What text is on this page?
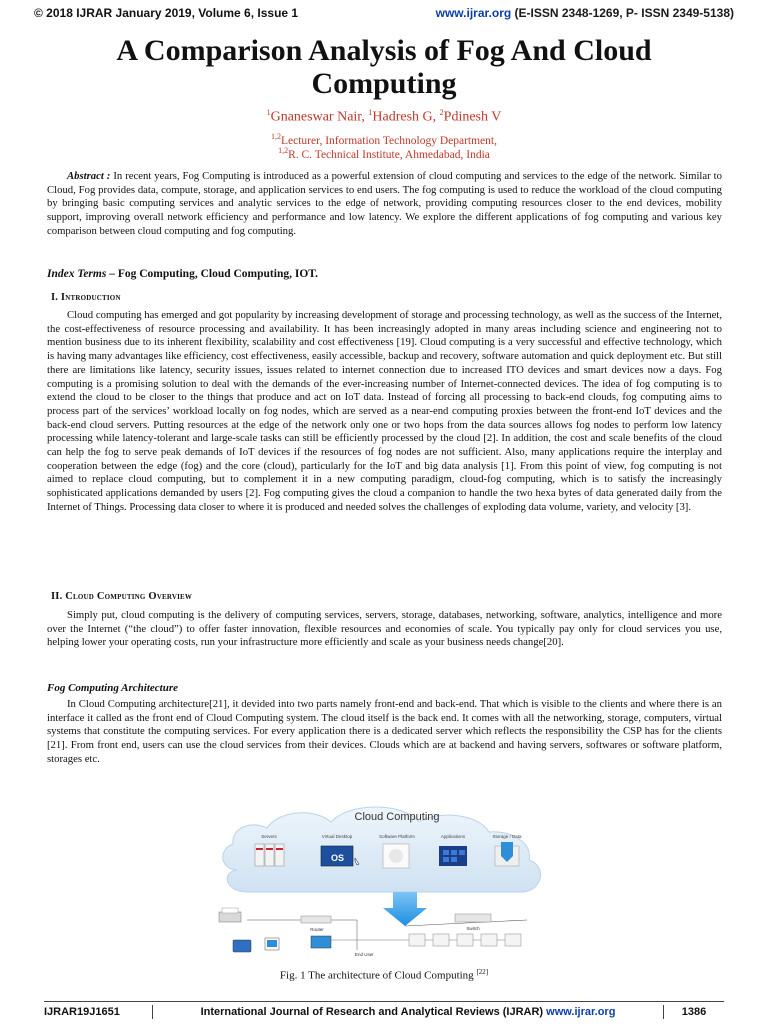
© 2018 IJRAR January 2019, Volume 6, Issue 1	www.ijrar.org (E-ISSN 2348-1269, P- ISSN 2349-5138)
A Comparison Analysis of Fog And Cloud
Computing
$^1$Gnaneswar Nair, $^1$Hadresh G, $^2$Pdinesh V
$^{1,2}$Lecturer, Information Technology Department,
$^{1,2}$R. C. Technical Institute, Ahmedabad, India
Abstract : In recent years, Fog Computing is introduced as a powerful extension of cloud computing and services to the edge of the network. Similar to Cloud, Fog provides data, compute, storage, and application services to end users. The fog computing is used to reduce the workload of the cloud computing by bringing basic computing services and analytic services to the edge of network, providing computing resources closer to the end devices, mobility support, improving overall network efficiency and performance and low latency. We explore the different applications of fog computing and various key comparison between cloud computing and fog computing.
Index Terms – Fog Computing, Cloud Computing, IOT.
I. Introduction
Cloud computing has emerged and got popularity by increasing development of storage and processing technology, as well as the success of the Internet, the cost-effectiveness of resource processing and availability. It has been increasingly adopted in many areas including science and engineering not to mention business due to its inherent flexibility, scalability and cost effectiveness [19]. Cloud computing is a very successful and effective technology, which is having many advantages like efficiency, cost effectiveness, easily accessible, backup and recovery, software automation and quick deployment etc. But still there are limitations like latency, security issues, issues related to internet connection due to increased ITO devices and smart devices now a days. Fog computing is a promising solution to deal with the demands of the ever-increasing number of Internet-connected devices. The idea of fog computing is to extend the cloud to be closer to the things that produce and act on IoT data. Instead of forcing all processing to back-end clouds, fog computing aims to process part of the services’ workload locally on fog nodes, which are served as a near-end computing proxies between the front-end IoT devices and the back-end cloud servers. Putting resources at the edge of the network only one or two hops from the data sources allows fog nodes to perform low latency processing while latency-tolerant and large-scale tasks can still be efficiently processed by the cloud [2]. In addition, the cost and scale benefits of the cloud can help the fog to serve peak demands of IoT devices if the resources of fog nodes are not sufficient. Also, many applications require the interplay and cooperation between the edge (fog) and the core (cloud), particularly for the IoT and big data analysis [1]. From this point of view, fog computing is not aimed to replace cloud computing, but to complement it in a new computing paradigm, cloud-fog computing, which is to satisfy the increasingly sophisticated applications demanded by users [2]. Fog computing gives the cloud a companion to handle the two hexa bytes of data generated daily from the Internet of Things. Processing data closer to where it is produced and needed solves the challenges of exploding data volume, variety, and velocity [3].
II. Cloud Computing Overview
Simply put, cloud computing is the delivery of computing services, servers, storage, databases, networking, software, analytics, intelligence and more over the Internet (“the cloud”) to offer faster innovation, flexible resources and economies of scale. You typically pay only for cloud services you use, helping lower your operating costs, run your infrastructure more efficiently and scale as your business needs change[20].
Fog Computing Architecture
In Cloud Computing architecture[21], it devided into two parts namely front-end and back-end. That which is visible to the clients and where there is an interface it called as the front end of Cloud Computing system. The cloud itself is the back end. It comes with all the networking, storage, computers, virtual systems that constitute the computing services. For every application there is a dedicated server which reflects the responsibility the CSP has for the clients [21]. From front end, users can use the cloud services from their devices. Clouds which are at backend and having servers, softwares or software platform, storages etc.
Cloud Computing
Servers	Virtual Desktop	Software Platform	Applications	Storage / Data
OS
Router	Switch
End User
Fig. 1 The architecture of Cloud Computing [22]
IJRAR19J1651	International Journal of Research and Analytical Reviews (IJRAR) www.ijrar.org	1386
